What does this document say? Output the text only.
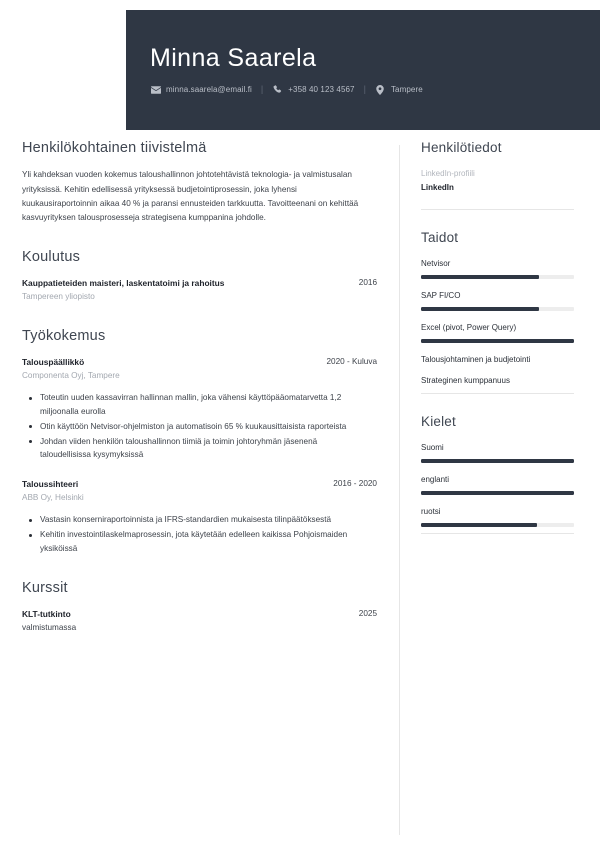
Minna Saarela
minna.saarela@email.fi |	+358 40 123 4567 |	Tampere
Henkilökohtainen tiivistelmä

Yli kahdeksan vuoden kokemus taloushallinnon johtotehtävistä teknologia- ja valmistusalan yrityksissä. Kehitin edellisessä yrityksessä budjetointiprosessin, joka lyhensi kuukausiraportoinnin aikaa 40 % ja paransi ennusteiden tarkkuutta. Tavoitteenani on kehittää kasvuyrityksen talousprosesseja strategisena kumppanina johdolle.

Koulutus
Kauppatieteiden maisteri, laskentatoimi ja rahoitus	2016
Tampereen yliopisto
Työkokemus
Talouspäällikkö	2020 - Kuluva
Componenta Oyj, Tampere
Toteutin uuden kassavirran hallinnan mallin, joka vähensi käyttöpääomatarvetta 1,2 miljoonalla eurolla
Otin käyttöön Netvisor-ohjelmiston ja automatisoin 65 % kuukausittaisista raporteista
Johdan viiden henkilön taloushallinnon tiimiä ja toimin johtoryhmän jäsenenä taloudellisissa kysymyksissä
Taloussihteeri	2016 - 2020
ABB Oy, Helsinki
Vastasin konserniraportoinnista ja IFRS-standardien mukaisesta tilinpäätöksestä
Kehitin investointilaskelmaprosessin, jota käytetään edelleen kaikissa Pohjoismaiden yksiköissä
Kurssit
KLT-tutkinto	2025
valmistumassa
Henkilötiedot
LinkedIn-profiili
LinkedIn
Taidot
Netvisor
SAP FI/CO
Excel (pivot, Power Query)
Talousjohtaminen ja budjetointi
Strateginen kumppanuus
Kielet
Suomi
englanti
ruotsi
